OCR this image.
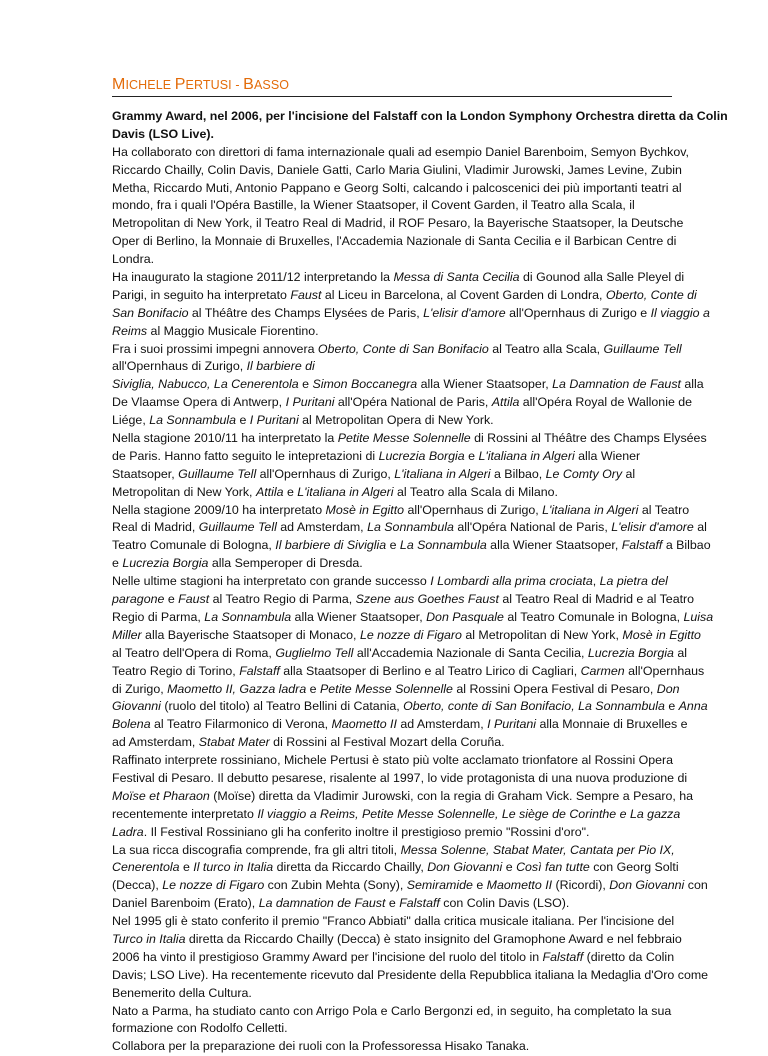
MICHELE PERTUSI - BASSO
Grammy Award, nel 2006, per l'incisione del Falstaff con la London Symphony Orchestra diretta da Colin
Davis (LSO Live).
Ha collaborato con direttori di fama internazionale quali ad esempio Daniel Barenboim, Semyon Bychkov,
Riccardo Chailly, Colin Davis, Daniele Gatti, Carlo Maria Giulini, Vladimir Jurowski, James Levine, Zubin
Metha, Riccardo Muti, Antonio Pappano e Georg Solti, calcando i palcoscenici dei più importanti teatri al
mondo, fra i quali l'Opéra Bastille, la Wiener Staatsoper, il Covent Garden, il Teatro alla Scala, il
Metropolitan di New York, il Teatro Real di Madrid, il ROF Pesaro, la Bayerische Staatsoper, la Deutsche
Oper di Berlino, la Monnaie di Bruxelles, l'Accademia Nazionale di Santa Cecilia e il Barbican Centre di
Londra.
Ha inaugurato la stagione 2011/12 interpretando la Messa di Santa Cecilia di Gounod alla Salle Pleyel di
Parigi, in seguito ha interpretato Faust al Liceu in Barcelona, al Covent Garden di Londra, Oberto, Conte di
San Bonifacio al Théâtre des Champs Elysées de Paris, L'elisir d'amore all'Opernhaus di Zurigo e Il viaggio a
Reims al Maggio Musicale Fiorentino.
Fra i suoi prossimi impegni annovera Oberto, Conte di San Bonifacio al Teatro alla Scala, Guillaume Tell
all'Opernhaus di Zurigo, Il barbiere di
Siviglia, Nabucco, La Cenerentola e Simon Boccanegra alla Wiener Staatsoper, La Damnation de Faust alla
De Vlaamse Opera di Antwerp, I Puritani all'Opéra National de Paris, Attila all'Opéra Royal de Wallonie de
Liége, La Sonnambula e I Puritani al Metropolitan Opera di New York.
Nella stagione 2010/11 ha interpretato la Petite Messe Solennelle di Rossini al Théâtre des Champs Elysées
de Paris. Hanno fatto seguito le intepretazioni di Lucrezia Borgia e L'italiana in Algeri alla Wiener
Staatsoper, Guillaume Tell all'Opernhaus di Zurigo, L'italiana in Algeri a Bilbao, Le Comty Ory al
Metropolitan di New York, Attila e L'italiana in Algeri al Teatro alla Scala di Milano.
Nella stagione 2009/10 ha interpretato Mosè in Egitto all'Opernhaus di Zurigo, L'italiana in Algeri al Teatro
Real di Madrid, Guillaume Tell ad Amsterdam, La Sonnambula all'Opéra National de Paris, L'elisir d'amore al
Teatro Comunale di Bologna, Il barbiere di Siviglia e La Sonnambula alla Wiener Staatsoper, Falstaff a Bilbao
e Lucrezia Borgia alla Semperoper di Dresda.
Nelle ultime stagioni ha interpretato con grande successo I Lombardi alla prima crociata, La pietra del
paragone e Faust al Teatro Regio di Parma, Szene aus Goethes Faust al Teatro Real di Madrid e al Teatro
Regio di Parma, La Sonnambula alla Wiener Staatsoper, Don Pasquale al Teatro Comunale in Bologna, Luisa
Miller alla Bayerische Staatsoper di Monaco, Le nozze di Figaro al Metropolitan di New York, Mosè in Egitto
al Teatro dell'Opera di Roma, Guglielmo Tell all'Accademia Nazionale di Santa Cecilia, Lucrezia Borgia al
Teatro Regio di Torino, Falstaff alla Staatsoper di Berlino e al Teatro Lirico di Cagliari, Carmen all'Opernhaus
di Zurigo, Maometto II, Gazza ladra e Petite Messe Solennelle al Rossini Opera Festival di Pesaro, Don
Giovanni (ruolo del titolo) al Teatro Bellini di Catania, Oberto, conte di San Bonifacio, La Sonnambula e Anna
Bolena al Teatro Filarmonico di Verona, Maometto II ad Amsterdam, I Puritani alla Monnaie di Bruxelles e
ad Amsterdam, Stabat Mater di Rossini al Festival Mozart della Coruña.
Raffinato interprete rossiniano, Michele Pertusi è stato più volte acclamato trionfatore al Rossini Opera
Festival di Pesaro. Il debutto pesarese, risalente al 1997, lo vide protagonista di una nuova produzione di
Moïse et Pharaon (Moïse) diretta da Vladimir Jurowski, con la regia di Graham Vick. Sempre a Pesaro, ha
recentemente interpretato Il viaggio a Reims, Petite Messe Solennelle, Le siège de Corinthe e La gazza
Ladra. Il Festival Rossiniano gli ha conferito inoltre il prestigioso premio "Rossini d'oro".
La sua ricca discografia comprende, fra gli altri titoli, Messa Solenne, Stabat Mater, Cantata per Pio IX,
Cenerentola e Il turco in Italia diretta da Riccardo Chailly, Don Giovanni e Così fan tutte con Georg Solti
(Decca), Le nozze di Figaro con Zubin Mehta (Sony), Semiramide e Maometto II (Ricordi), Don Giovanni con
Daniel Barenboim (Erato), La damnation de Faust e Falstaff con Colin Davis (LSO).
Nel 1995 gli è stato conferito il premio "Franco Abbiati" dalla critica musicale italiana. Per l'incisione del
Turco in Italia diretta da Riccardo Chailly (Decca) è stato insignito del Gramophone Award e nel febbraio
2006 ha vinto il prestigioso Grammy Award per l'incisione del ruolo del titolo in Falstaff (diretto da Colin
Davis; LSO Live). Ha recentemente ricevuto dal Presidente della Repubblica italiana la Medaglia d'Oro come
Benemerito della Cultura.
Nato a Parma, ha studiato canto con Arrigo Pola e Carlo Bergonzi ed, in seguito, ha completato la sua
formazione con Rodolfo Celletti.
Collabora per la preparazione dei ruoli con la Professoressa Hisako Tanaka.
